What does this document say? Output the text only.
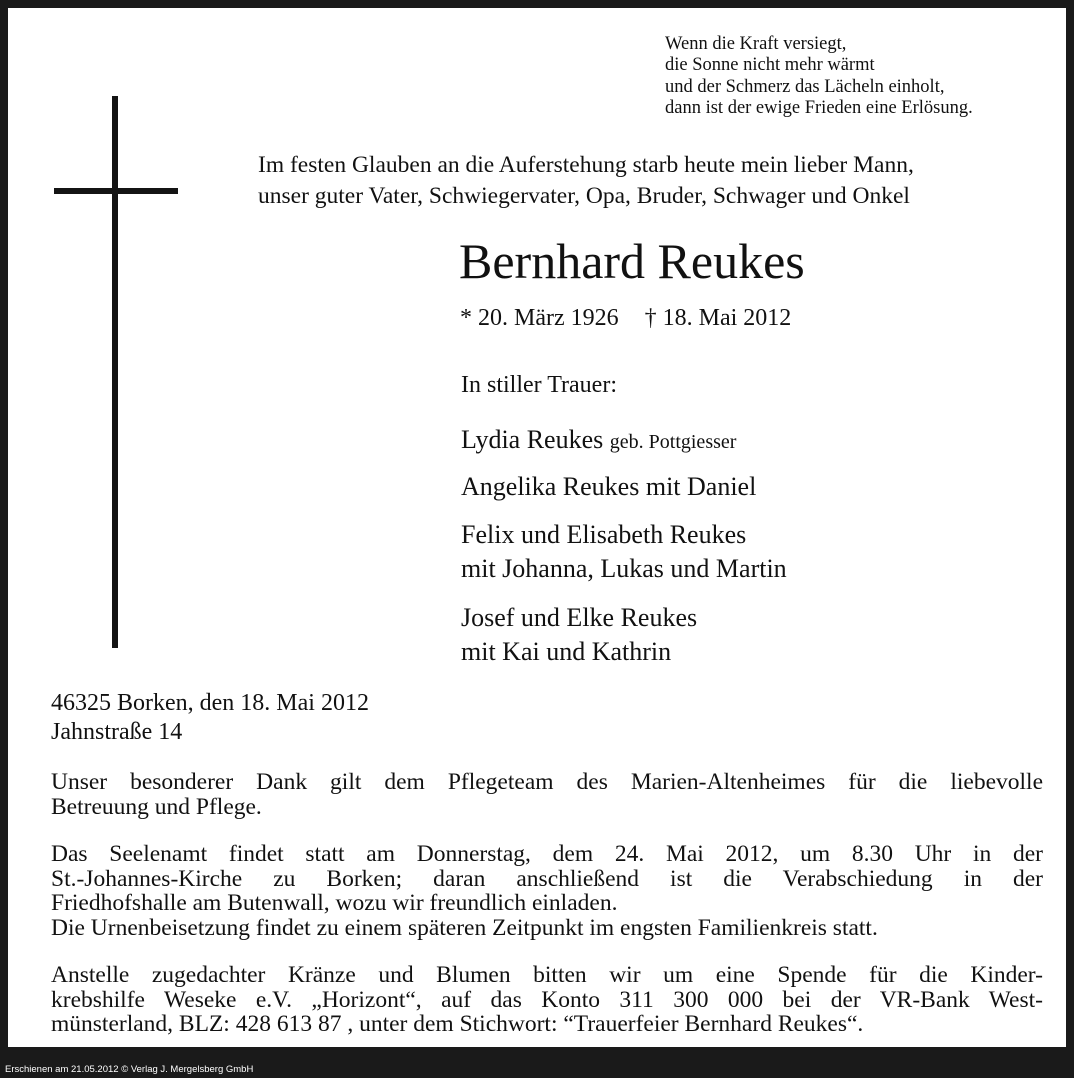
Wenn die Kraft versiegt,
die Sonne nicht mehr wärmt
und der Schmerz das Lächeln einholt,
dann ist der ewige Frieden eine Erlösung.
Im festen Glauben an die Auferstehung starb heute mein lieber Mann,
unser guter Vater, Schwiegervater, Opa, Bruder, Schwager und Onkel
Bernhard Reukes
* 20. März 1926 † 18. Mai 2012
In stiller Trauer:
Lydia Reukes geb. Pottgiesser
Angelika Reukes mit Daniel
Felix und Elisabeth Reukes
mit Johanna, Lukas und Martin
Josef und Elke Reukes
mit Kai und Kathrin
46325 Borken, den 18. Mai 2012
Jahnstraße 14
Unser besonderer Dank gilt dem Pflegeteam des Marien-Altenheimes für die liebevolle
Betreuung und Pflege.
Das Seelenamt findet statt am Donnerstag, dem 24. Mai 2012, um 8.30 Uhr in der
St.-Johannes-Kirche zu Borken; daran anschließend ist die Verabschiedung in der
Friedhofshalle am Butenwall, wozu wir freundlich einladen.
Die Urnenbeisetzung findet zu einem späteren Zeitpunkt im engsten Familienkreis statt.
Anstelle zugedachter Kränze und Blumen bitten wir um eine Spende für die Kinder-
krebshilfe Weseke e.V. „Horizont“, auf das Konto 311 300 000 bei der VR-Bank West-
münsterland, BLZ: 428 613 87 , unter dem Stichwort: “Trauerfeier Bernhard Reukes“.
Erschienen am 21.05.2012 © Verlag J. Mergelsberg GmbH
